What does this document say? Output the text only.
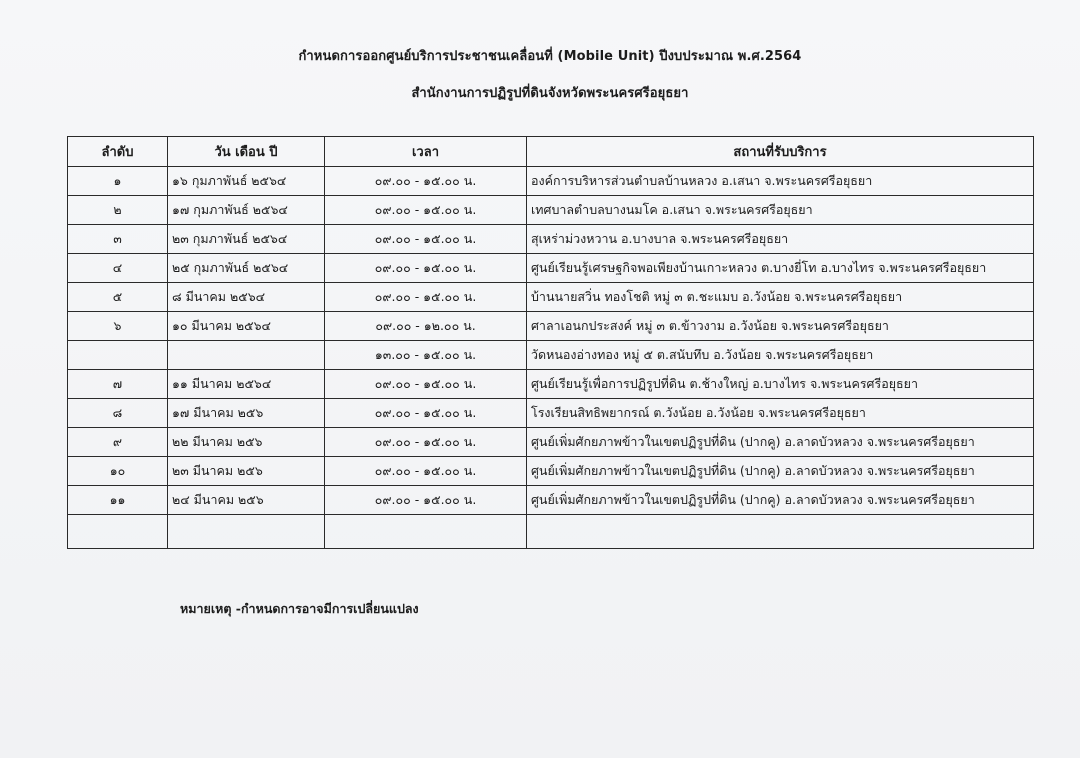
กำหนดการออกศูนย์บริการประชาชนเคลื่อนที่ (Mobile Unit) ปีงบประมาณ พ.ศ.2564
สำนักงานการปฏิรูปที่ดินจังหวัดพระนครศรีอยุธยา
ลำดับ	วัน เดือน ปี	เวลา	สถานที่รับบริการ
๑	๑๖ กุมภาพันธ์ ๒๕๖๔	๐๙.๐๐ - ๑๕.๐๐ น.	องค์การบริหารส่วนตำบลบ้านหลวง อ.เสนา จ.พระนครศรีอยุธยา
๒	๑๗ กุมภาพันธ์ ๒๕๖๔	๐๙.๐๐ - ๑๕.๐๐ น.	เทศบาลตำบลบางนมโค อ.เสนา จ.พระนครศรีอยุธยา
๓	๒๓ กุมภาพันธ์ ๒๕๖๔	๐๙.๐๐ - ๑๕.๐๐ น.	สุเหร่าม่วงหวาน อ.บางบาล จ.พระนครศรีอยุธยา
๔	๒๕ กุมภาพันธ์ ๒๕๖๔	๐๙.๐๐ - ๑๕.๐๐ น.	ศูนย์เรียนรู้เศรษฐกิจพอเพียงบ้านเกาะหลวง ต.บางยี่โท อ.บางไทร จ.พระนครศรีอยุธยา
๕	๘ มีนาคม ๒๕๖๔	๐๙.๐๐ - ๑๕.๐๐ น.	บ้านนายสวิ่น ทองโชติ หมู่ ๓ ต.ชะแมบ อ.วังน้อย จ.พระนครศรีอยุธยา
๖	๑๐ มีนาคม ๒๕๖๔	๐๙.๐๐ - ๑๒.๐๐ น.	ศาลาเอนกประสงค์ หมู่ ๓ ต.ข้าวงาม อ.วังน้อย จ.พระนครศรีอยุธยา
		๑๓.๐๐ - ๑๕.๐๐ น.	วัดหนองอ่างทอง หมู่ ๕ ต.สนับทึบ อ.วังน้อย จ.พระนครศรีอยุธยา
๗	๑๑ มีนาคม ๒๕๖๔	๐๙.๐๐ - ๑๕.๐๐ น.	ศูนย์เรียนรู้เพื่อการปฏิรูปที่ดิน ต.ช้างใหญ่ อ.บางไทร จ.พระนครศรีอยุธยา
๘	๑๗ มีนาคม ๒๕๖	๐๙.๐๐ - ๑๕.๐๐ น.	โรงเรียนสิทธิพยากรณ์ ต.วังน้อย อ.วังน้อย จ.พระนครศรีอยุธยา
๙	๒๒ มีนาคม ๒๕๖	๐๙.๐๐ - ๑๕.๐๐ น.	ศูนย์เพิ่มศักยภาพข้าวในเขตปฏิรูปที่ดิน (ปากคู) อ.ลาดบัวหลวง จ.พระนครศรีอยุธยา
๑๐	๒๓ มีนาคม ๒๕๖	๐๙.๐๐ - ๑๕.๐๐ น.	ศูนย์เพิ่มศักยภาพข้าวในเขตปฏิรูปที่ดิน (ปากคู) อ.ลาดบัวหลวง จ.พระนครศรีอยุธยา
๑๑	๒๔ มีนาคม ๒๕๖	๐๙.๐๐ - ๑๕.๐๐ น.	ศูนย์เพิ่มศักยภาพข้าวในเขตปฏิรูปที่ดิน (ปากคู) อ.ลาดบัวหลวง จ.พระนครศรีอยุธยา

หมายเหตุ -กำหนดการอาจมีการเปลี่ยนแปลง
